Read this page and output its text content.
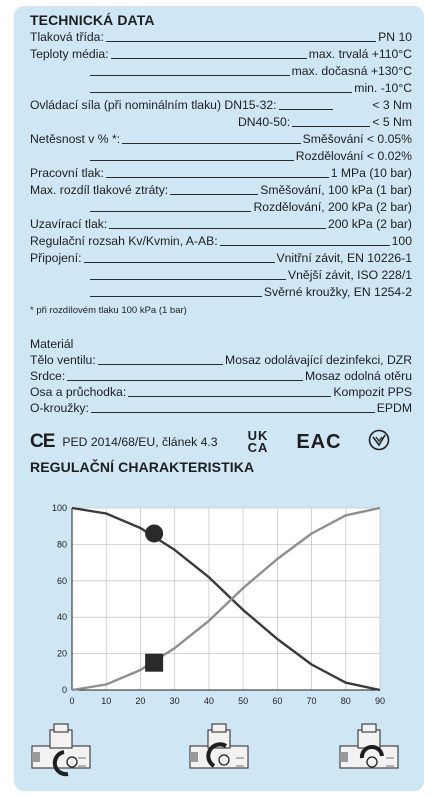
TECHNICKÁ DATA
Tlaková třída:	PN 10
Teploty média:	max. trvalá +110°C
max. dočasná +130°C
min. -10°C
Ovládací síla (při nominálním tlaku) DN15-32:	< 3 Nm
DN40-50:	< 5 Nm
Netěsnost v % *:	Směšování < 0.05%
Rozdělování < 0.02%
Pracovní tlak:	1 MPa (10 bar)
Max. rozdíl tlakové ztráty:	Směšování, 100 kPa (1 bar)
Rozdělování, 200 kPa (2 bar)
Uzavírací tlak:	200 kPa (2 bar)
Regulační rozsah Kv/Kvmin, A-AB:	100
Připojení:	Vnitřní závit, EN 10226-1
Vnější závit, ISO 228/1
Svěrné kroužky, EN 1254-2
* při rozdílovém tlaku 100 kPa (1 bar)
Materiál
Tělo ventilu:	Mosaz odolávající dezinfekci, DZR
Srdce:	Mosaz odolná otěru
Osa a průchodka:	Kompozit PPS
O-kroužky:	EPDM
CE PED 2014/68/EU, článek 4.3 UK
CA EAC
REGULAČNÍ CHARAKTERISTIKA
0	10	20	30	40	50	60	70	80	90
0
20
40
60
80
100
